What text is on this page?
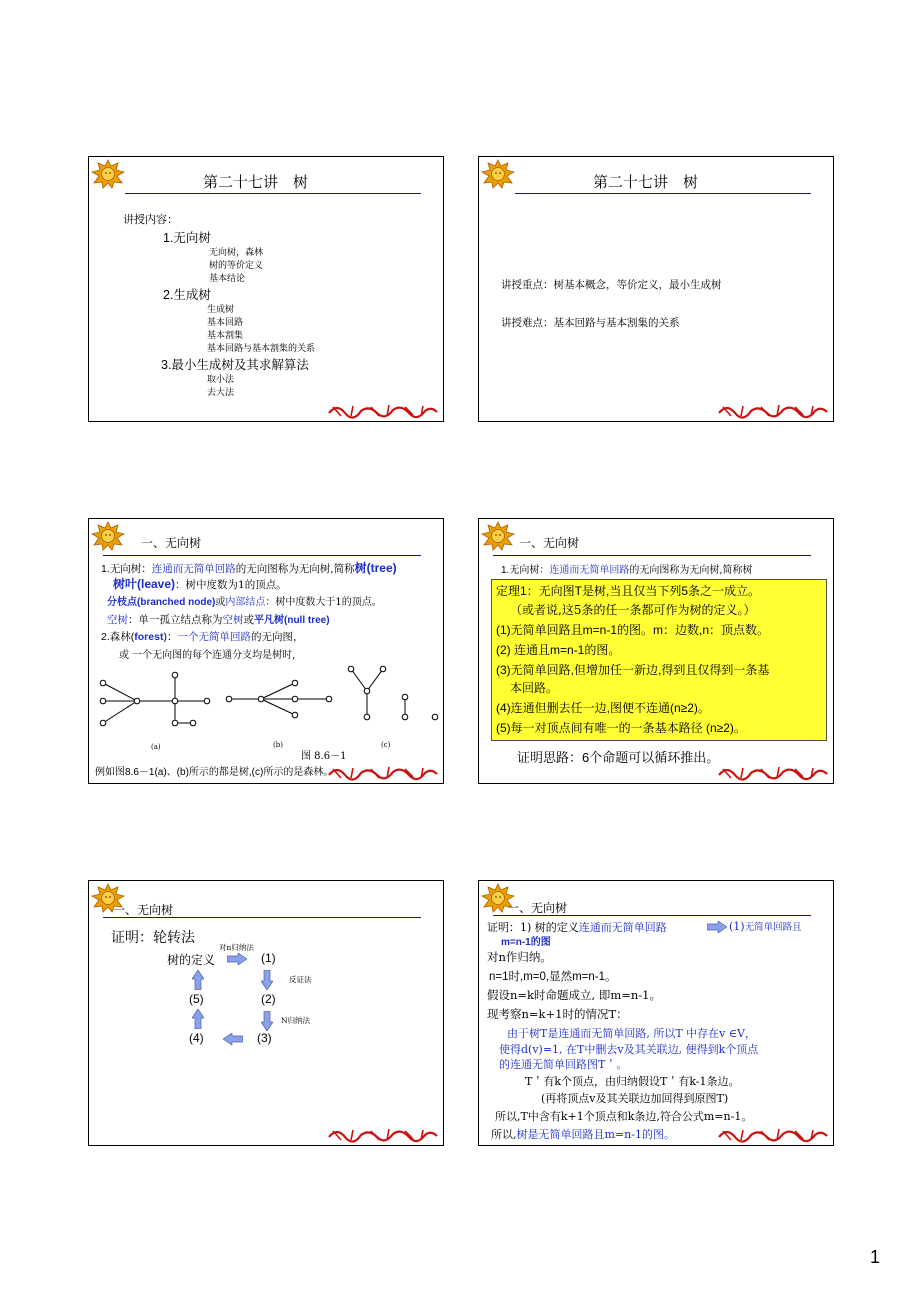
第二十七讲　树
讲授内容：
1.无向树
无向树，森林
树的等价定义
基本结论
2.生成树
生成树
基本回路
基本割集
基本回路与基本割集的关系
3.最小生成树及其求解算法
取小法
去大法
第二十七讲　树
讲授重点：树基本概念，等价定义，最小生成树
讲授难点：基本回路与基本割集的关系
一、无向树
1.无向树：连通而无简单回路的无向图称为无向树,简称树(tree)
树叶(leave)：树中度数为1的顶点。
分枝点(branched node)或内部结点：树中度数大于1的顶点。
空树：单一孤立结点称为空树或平凡树(null tree)
2.森林(forest)：一个无简单回路的无向图，
或 一个无向图的每个连通分支均是树时,
(a)	(b)	(c)
图 8.6－1
例如图8.6－1(a)、(b)所示的都是树,(c)所示的是森林。
一、无向树
1.无向树：连通而无简单回路的无向图称为无向树,简称树
定理1：无向图T是树,当且仅当下列5条之一成立。
（或者说,这5条的任一条都可作为树的定义。）
(1)无简单回路且m=n-1的图。m：边数,n：顶点数。
(2) 连通且m=n-1的图。
(3)无简单回路,但增加任一新边,得到且仅得到一条基
本回路。
(4)连通但删去任一边,图便不连通(n≥2)。
(5)每一对顶点间有唯一的一条基本路径 (n≥2)。
证明思路：6个命题可以循环推出。
一、无向树
证明：轮转法
对n归纳法
树的定义	(1)
反证法
(5)	(2)
N归纳法
(4)	(3)
一、无向树
证明：1) 树的定义连通而无简单回路	(1)无简单回路且
m=n-1的图
对n作归纳。
n=1时,m=0,显然m=n-1。
假设n=k时命题成立, 即m=n-1。
现考察n=k+1时的情况T：
由于树T是连通而无简单回路, 所以T 中存在v ∈V，
使得d(v)=1, 在T中删去v及其关联边, 便得到k个顶点
的连通无简单回路图T＇。
T＇有k个顶点，由归纳假设T＇有k-1条边。
(再将顶点v及其关联边加回得到原图T)
所以,T中含有k+1个顶点和k条边,符合公式m=n-1。
所以,树是无简单回路且m=n-1的图。
1
